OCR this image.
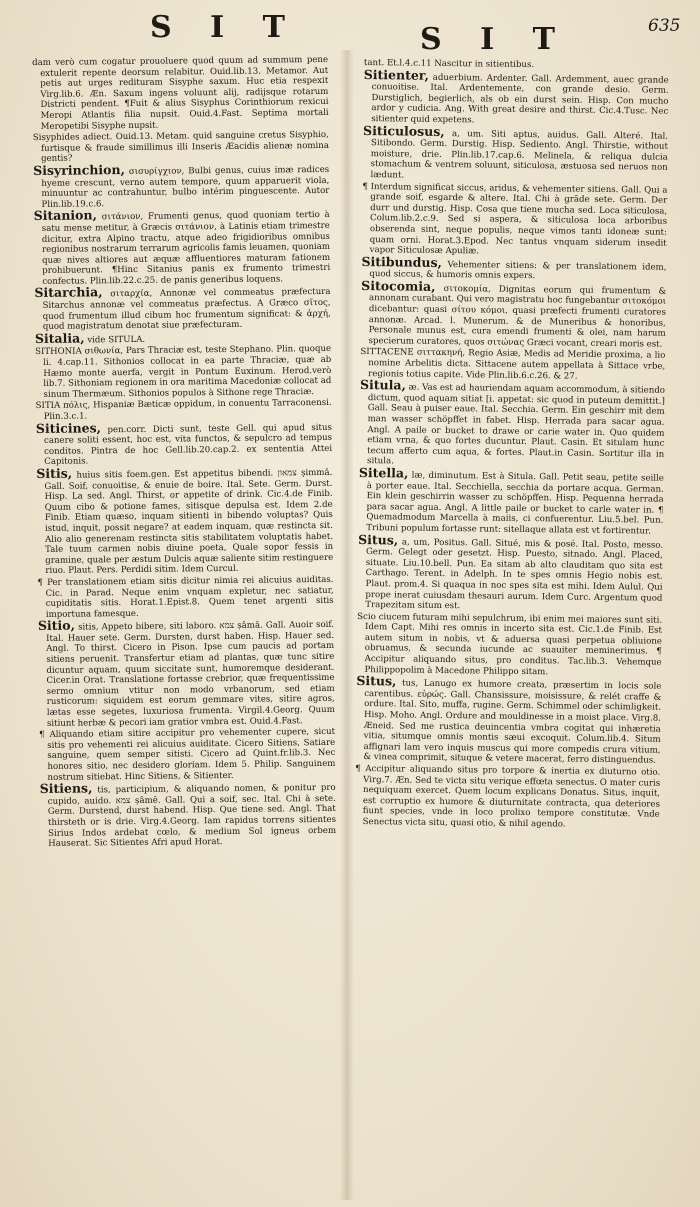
S I T	S I T	635

dam verò cum cogatur prouoluere quod quum ad summum pene extulerit repente deorsum relabitur. Ouid.lib.13. Metamor. Aut petis aut urges redituram Sisyphe saxum. Huc etia respexit Virg.lib.6. Æn. Saxum ingens voluunt alij, radijsque rotarum Districti pendent. ¶Fuit & alius Sisyphus Corinthiorum rexicui Meropi Atlantis filia nupsit. Ouid.4.Fast. Septima mortali Meropetibi Sisyphe nupsit.

Sisyphides adiect. Ouid.13. Metam. quid sanguine cretus Sisyphio, furtisque & fraude simillimus illi Inseris Æacidis alienæ nomina gentis?

Sisyrinchion, σισυρίγχιον, Bulbi genus, cuius imæ radices hyeme crescunt, verno autem tempore, quum apparuerit viola, minuuntur ac contrahuntur, bulbo intérim pinguescente. Autor Plin.lib.19.c.6.

Sitanion, σιτάνιον, Frumenti genus, quod quoniam tertio à satu mense metitur, à Græcis σιτάνιον, à Latinis etiam trimestre dicitur, extra Alpino tractu, atque adeo frigidioribus omnibus regionibus nostrarum terrarum agricolis famis leuamen, quoniam quæ nives altiores aut æquæ affluentiores maturam fationem prohibuerunt. ¶Hinc Sitanius panis ex frumento trimestri confectus. Plin.lib.22.c.25. de panis generibus loquens.

Sitarchia, σιταρχία, Annonæ vel commeatus præfectura Sitarchus annonæ vel commeatus præfectus. A Græco σῖτος, quod frumentum illud cibum hoc frumentum significat: & ἀρχή, quod magistratum denotat siue præfecturam.

Sitalia, vide SITULA.

SITHONIA σιθωνία, Pars Thraciæ est, teste Stephano. Plin. quoque li. 4.cap.11. Sithonios collocat in ea parte Thraciæ, quæ ab Hæmo monte auerfa, vergit in Pontum Euxinum. Herod.verò lib.7. Sithoniam regionem in ora maritima Macedoniæ collocat ad sinum Thermæum. Sithonios populos à Sithone rege Thraciæ.

SITIA πόλις, Hispaniæ Bæticæ oppidum, in conuentu Tarraconensi. Plin.3.c.1.

Siticines, pen.corr. Dicti sunt, teste Gell. qui apud situs canere soliti essent, hoc est, vita functos, & sepulcro ad tempus conditos. Pintra de hoc Gell.lib.20.cap.2. ex sententia Attei Capitonis.

Sitis, huius sitis foem.gen. Est appetitus bibendi. צמאון ṣimmâ. Gall. Soif, conuoitise, & enuie de boire. Ital. Sete. Germ. Durst. Hisp. La sed. Angl. Thirst, or appetite of drink. Cic.4.de Finib. Quum cibo & potione fames, sitisque depulsa est. Idem 2.de Finib. Etiam quæso, inquam sitienti in bibendo voluptas? Quis istud, inquit, possit negare? at eadem inquam, quæ restincta sit. Alio alio generenam restincta sitis stabilitatem voluptatis habet. Tale tuum carmen nobis diuine poeta, Quale sopor fessis in gramine, quale per æstum Dulcis aquæ saliente sitim restinguere riuo. Plaut. Pers. Perdidi sitim. Idem Curcul.

¶ Per translationem etiam sitis dicitur nimia rei alicuius auiditas. Cic. in Parad. Neque enim vnquam expletur, nec satiatur, cupiditatis sitis. Horat.1.Epist.8. Quem tenet argenti sitis importuna famesque.

Sitio, sitis, Appeto bibere, siti laboro. צמא ṣâmâ. Gall. Auoir soif. Ital. Hauer sete. Germ. Dursten, durst haben. Hisp. Hauer sed. Angl. To thirst. Cicero in Pison. Ipse cum paucis ad portam sitiens peruenit. Transfertur etiam ad plantas, quæ tunc sitire dicuntur aquam, quum siccitate sunt, humoremque desiderant. Cicer.in Orat. Translatione fortasse crebrior, quæ frequentissime sermo omnium vtitur non modo vrbanorum, sed etiam rusticorum: siquidem est eorum gemmare vites, sitire agros, lætas esse segetes, luxuriosa frumenta. Virgil.4.Georg. Quum sitiunt herbæ & pecori iam gratior vmbra est. Ouid.4.Fast.

¶ Aliquando etiam sitire accipitur pro vehementer cupere, sicut sitis pro vehementi rei alicuius auiditate. Cicero Sitiens, Satiare sanguine, quem semper sitisti. Cicero ad Quint.fr.lib.3. Nec honores sitio, nec desidero gloriam. Idem 5. Philip. Sanguinem nostrum sitiebat. Hinc Sitiens, & Sitienter.

Sitiens, tis, participium, & aliquando nomen, & ponitur pro cupido, auido. צמא ṣâmê. Gall. Qui a soif, sec. Ital. Chi à sete. Germ. Durstend, durst habend. Hisp. Que tiene sed. Angl. That thirsteth or is drie. Virg.4.Georg. Iam rapidus torrens sitientes Sirius Indos ardebat cœlo, & medium Sol igneus orbem Hauserat. Sic Sitientes Afri apud Horat.

tant. Et.l.4.c.11 Nascitur in sitientibus.

Sitienter, aduerbium. Ardenter. Gall. Ardemment, auec grande conuoitise. Ital. Ardentemente, con grande desio. Germ. Durstiglich, begierlich, als ob ein durst sein. Hisp. Con mucho ardor y cudicia. Ang. With great desire and thirst. Cic.4.Tusc. Nec sitienter quid expetens.

Siticulosus, a, um. Siti aptus, auidus. Gall. Alteré. Ital. Sitibondo. Germ. Durstig. Hisp. Sediento. Angl. Thirstie, without moisture, drie. Plin.lib.17.cap.6. Melinela, & reliqua dulcia stomachum & ventrem soluunt, siticulosa, æstuosa sed neruos non lædunt.

¶ Interdum significat siccus, aridus, & vehementer sitiens. Gall. Qui a grande soif, esgarde & altere. Ital. Chi à grãde sete. Germ. Der durr und durstig. Hisp. Cosa que tiene mucha sed. Loca siticulosa, Colum.lib.2.c.9. Sed si aspera, & siticulosa loca arboribus obserenda sint, neque populis, neque vimos tanti idoneæ sunt: quam orni. Horat.3.Epod. Nec tantus vnquam siderum insedit vapor Siticulosæ Apuliæ.

Sitibundus, Vehementer sitiens: & per translationem idem, quod siccus, & humoris omnis expers.

Sitocomia, σιτοκομία, Dignitas eorum qui frumentum & annonam curabant. Qui vero magistratu hoc fungebantur σιτοκόμοι dicebantur: quasi σίτου κόμοι, quasi præfecti frumenti curatores annonæ. Arcad. l. Munerum. & de Muneribus & honoribus, Personale munus est, cura emendi frumenti & olei, nam harum specierum curatores, quos σιτώνας Græci vocant, creari moris est.

SITTACENE σιττακηνή, Regio Asiæ, Medis ad Meridie proxima, a lio nomine Arbelitis dicta. Sittacene autem appellata à Sittace vrbe, regionis totius capite. Vide Plin.lib.6.c.26. & 27.

Situla, æ. Vas est ad hauriendam aquam accommodum, à sitiendo dictum, quod aquam sitiat [i. appetat: sic quod in puteum demittit.] Gall. Seau à puiser eaue. Ital. Secchia. Germ. Ein geschirr mit dem man wasser schöpffet in fabet. Hisp. Herrada para sacar agua. Angl. A paile or bucket to drawe or carie water in. Quo quidem etiam vrna, & quo fortes ducuntur. Plaut. Casin. Et situlam hunc tecum afferto cum aqua, & fortes. Plaut.in Casin. Sortitur illa in situla.

Sitella, læ, diminutum. Est à Situla. Gall. Petit seau, petite seille à porter eaue. Ital. Secchiella, secchia da portare acqua. German. Ein klein geschirrin wasser zu schöpffen. Hisp. Pequenna herrada para sacar agua. Angl. A little paile or bucket to carle water in. ¶ Quemadmodum Marcella à maiis, ci confuerentur. Liu.5.bel. Pun. Tribuni populum fortasse runt: sitellaque allata est vt fortirentur.

Situs, a, um, Positus. Gall. Situé, mis & posé. Ital. Posto, messo. Germ. Gelegt oder gesetzt. Hisp. Puesto, sitnado. Angl. Placed, situate. Liu.10.bell. Pun. Ea sitam ab alto clauditam quo sita est Carthago. Terent. in Adelph. In te spes omnis Hegio nobis est. Plaut. prom.4. Si quaqua in noc spes sita est mihi. Idem Aulul. Qui prope inerat cuiusdam thesauri aurum. Idem Curc. Argentum quod Trapezitam situm est.

Scio ciucem futuram mihi sepulchrum, ibi enim mei maiores sunt siti. Idem Capt. Mihi res omnis in incerto sita est. Cic.1.de Finib. Est autem situm in nobis, vt & aduersa quasi perpetua obliuione obruamus, & secunda iucunde ac suauiter meminerimus. ¶ Accipitur aliquando situs, pro conditus. Tac.lib.3. Vehemque Philippopolim à Macedone Philippo sitam.

Situs, tus, Lanugo ex humore creata, præsertim in locis sole carentibus. εὐρώς. Gall. Chansissure, moisissure, & relét craffe & ordure. Ital. Sito, muffa, rugine. Germ. Schimmel oder schimligkeit. Hisp. Moho. Angl. Ordure and mouldinesse in a moist place. Virg.8. Æneid. Sed me rustica deuincentia vmbra cogitat qui inhæretia vitia, situmque omnis montis sæui excoquit. Colum.lib.4. Situm affignari lam vero inquis muscus qui more compedis crura vitium, & vinea comprimit, situque & vetere macerat, ferro distinguendus.

¶ Accipitur aliquando situs pro torpore & inertia ex diuturno otio. Virg.7. Æn. Sed te victa situ verique effœta senectus. O mater curis nequiquam exercet. Quem locum explicans Donatus. Situs, inquit, est corruptio ex humore & diuturnitate contracta, qua deteriores fiunt species, vnde in loco prolixo tempore constitutæ. Vnde Senectus victa situ, quasi otio, & nihil agendo.
